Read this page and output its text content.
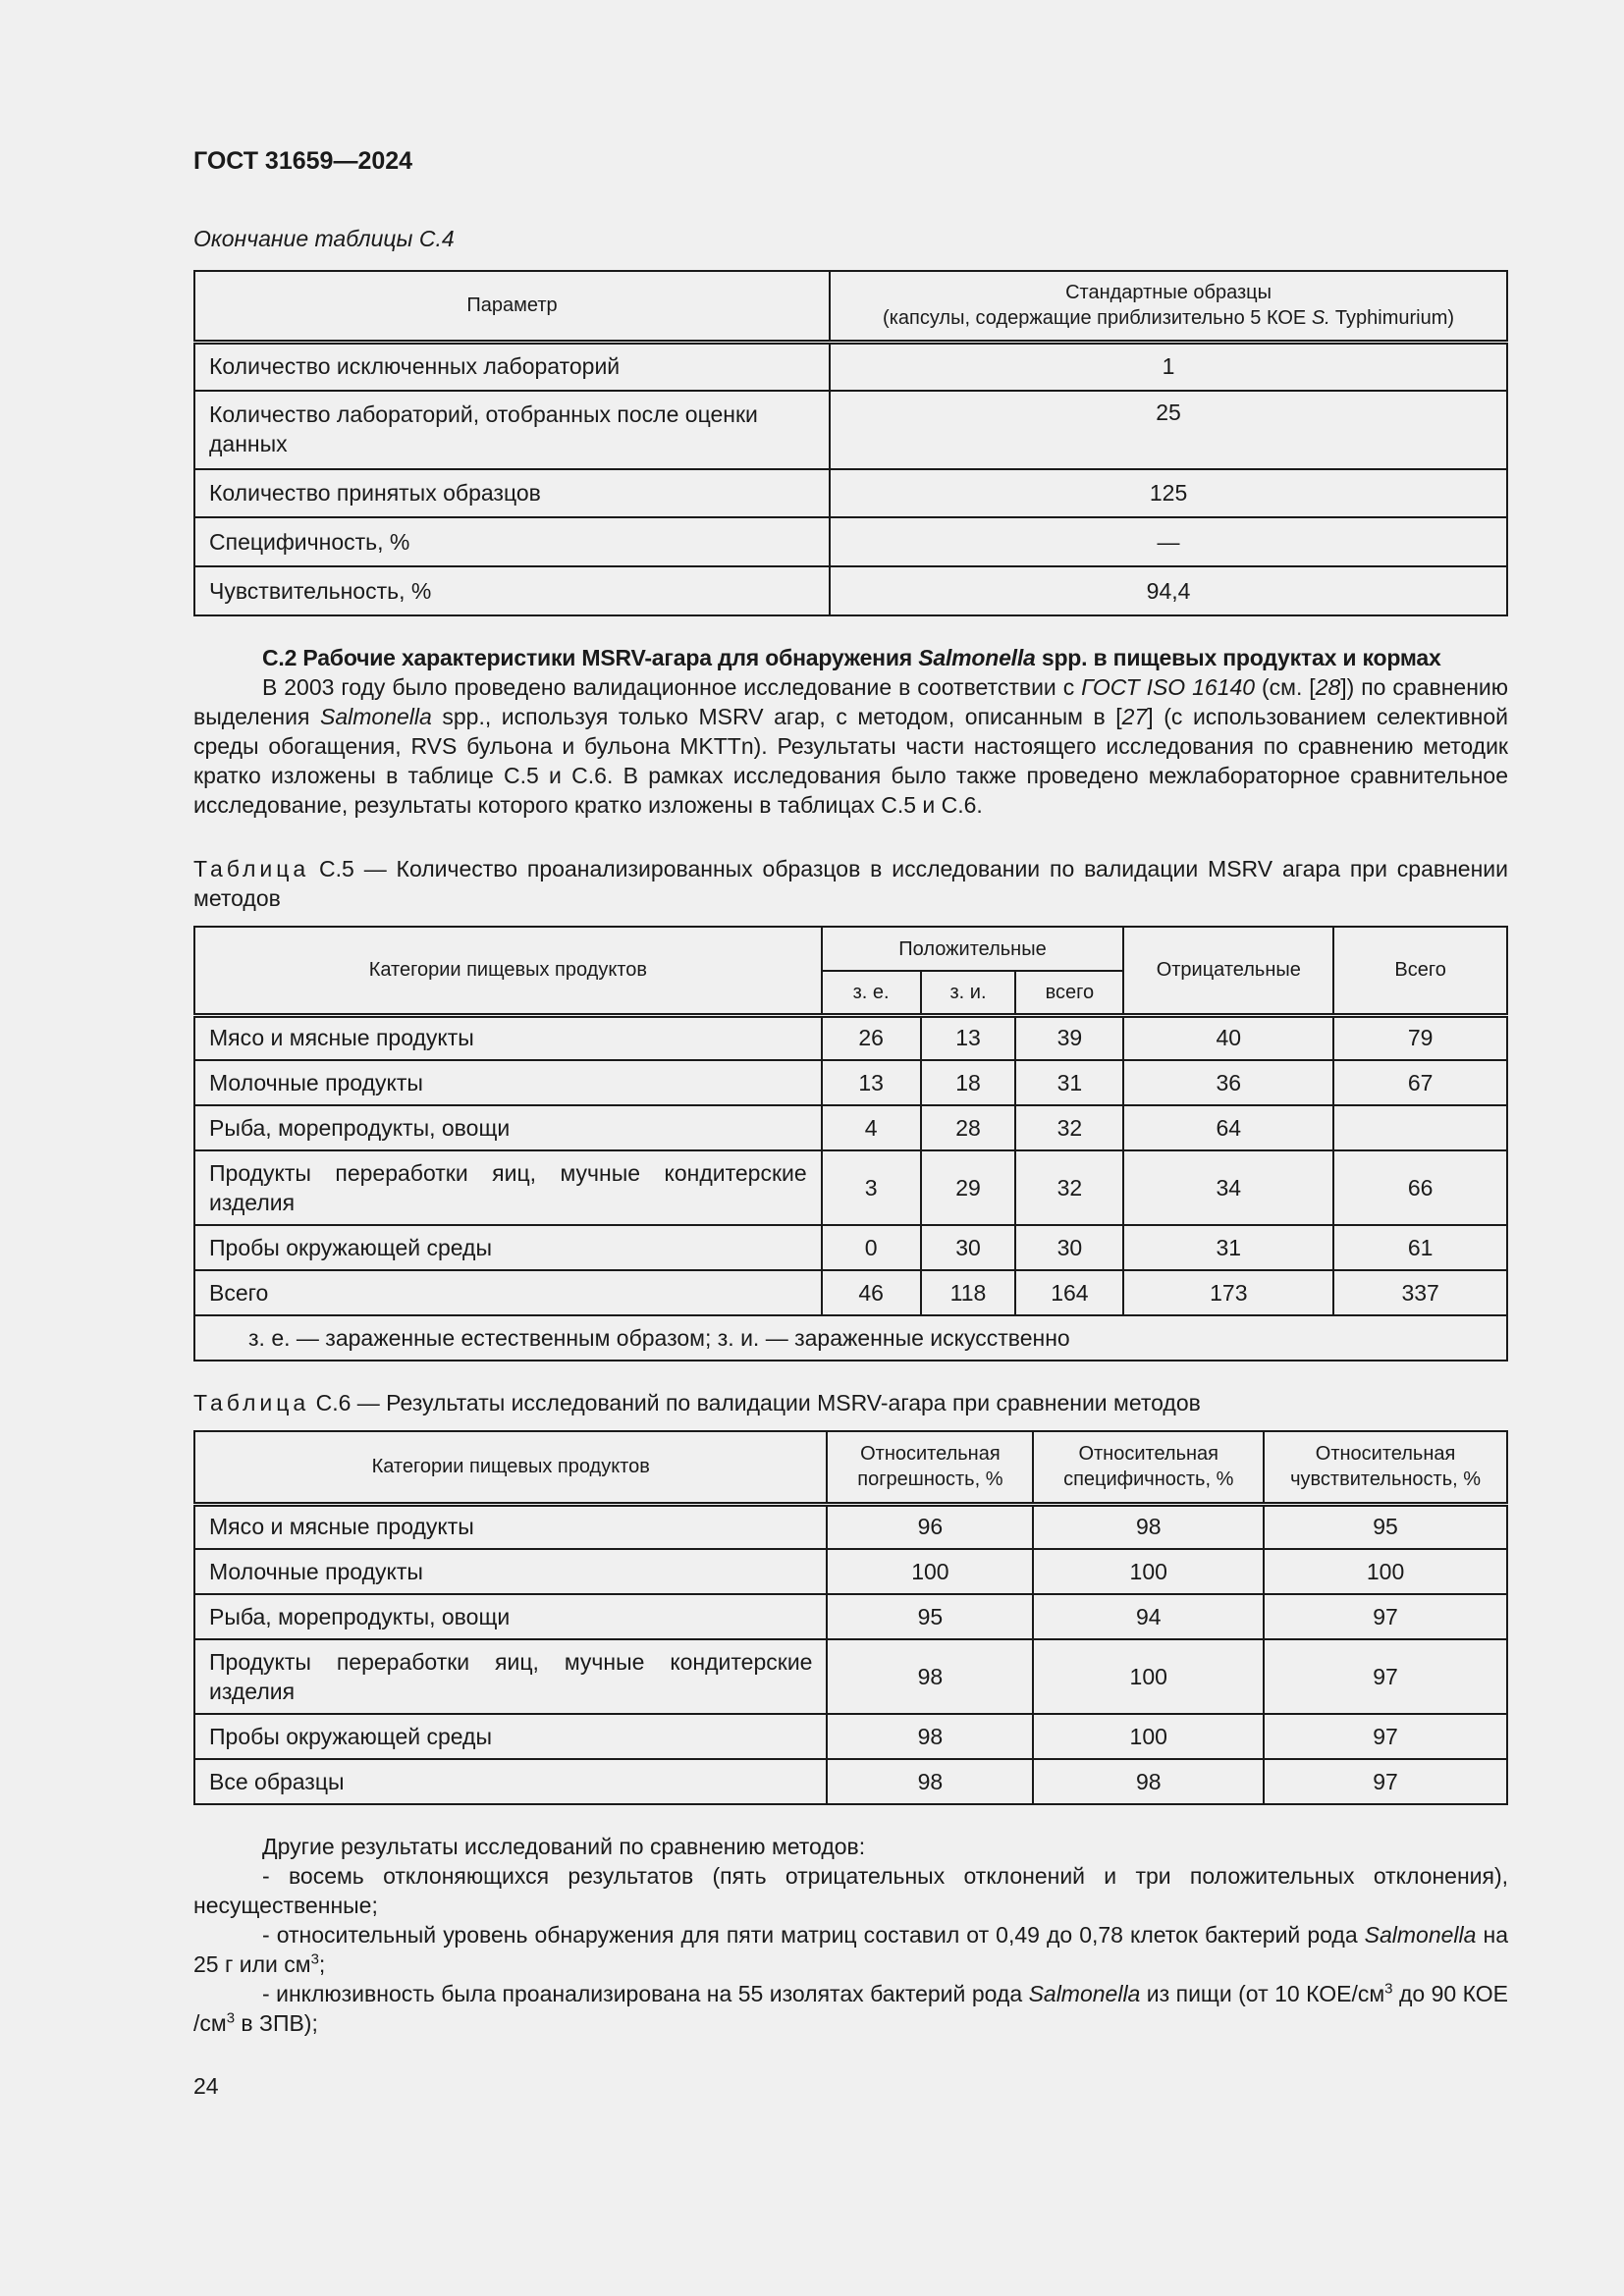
ГОСТ 31659—2024
Окончание таблицы С.4
Параметр	Стандартные образцы
(капсулы, содержащие приблизительно 5 КОЕ S. Typhimurium)
Количество исключенных лабораторий	1
Количество лабораторий, отобранных после оценки данных	25
Количество принятых образцов	125
Специфичность, %	—
Чувствительность, %	94,4

С.2 Рабочие характеристики MSRV-агара для обнаружения Salmonella spp. в пищевых продуктах и кормах

В 2003 году было проведено валидационное исследование в соответствии с ГОСТ ISO 16140 (см. [28]) по сравнению выделения Salmonella spp., используя только MSRV агар, с методом, описанным в [27] (с использованием селективной среды обогащения, RVS бульона и бульона MKTTn). Результаты части настоящего исследования по сравнению методик кратко изложены в таблице С.5 и С.6. В рамках исследования было также проведено межлабораторное сравнительное исследование, результаты которого кратко изложены в таблицах С.5 и С.6.

Таблица С.5 — Количество проанализированных образцов в исследовании по валидации MSRV агара при сравнении методов

Категории пищевых продуктов	Положительные			Отрицательные	Всего
	з. е.	з. и.	всего		
Мясо и мясные продукты	26	13	39	40	79
Молочные продукты	13	18	31	36	67
Рыба, морепродукты, овощи	4	28	32	64	
Продукты переработки яиц, мучные кондитерские изделия	3	29	32	34	66
Пробы окружающей среды	0	30	30	31	61
Всего	46	118	164	173	337
з. е. — зараженные естественным образом; з. и. — зараженные искусственно					

Таблица С.6 — Результаты исследований по валидации MSRV-агара при сравнении методов

Категории пищевых продуктов	Относительная погрешность, %	Относительная специфичность, %	Относительная чувствительность, %
Мясо и мясные продукты	96	98	95
Молочные продукты	100	100	100
Рыба, морепродукты, овощи	95	94	97
Продукты переработки яиц, мучные кондитерские изделия	98	100	97
Пробы окружающей среды	98	100	97
Все образцы	98	98	97

Другие результаты исследований по сравнению методов:

- восемь отклоняющихся результатов (пять отрицательных отклонений и три положительных отклонения), несущественные;

- относительный уровень обнаружения для пяти матриц составил от 0,49 до 0,78 клеток бактерий рода Salmonella на 25 г или $см^3$;

- инклюзивность была проанализирована на 55 изолятах бактерий рода Salmonella из пищи (от 10 КОЕ/$см^3$ до 90 КОЕ $/см^3$ в ЗПВ);

24
